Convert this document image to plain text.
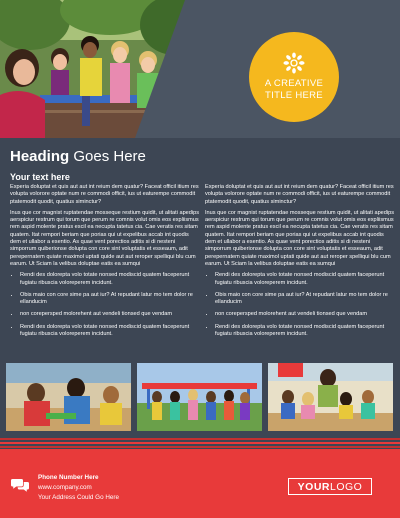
A CREATIVE TITLE HERE
Heading Goes Here
Your text here

Experia doluptat et quis aut aut int reium dem quatur? Faceat officil itium res volupta volorore optate num re commodi officit, ius ut eaturempe commodit ptatemodit quodit, quatius siminctur?

Inus que cor magnist ruptatendae mosseque restium quidit, ut alitati apedips aerspiciur restrum qui torum que perum re comnis volut omis eos expliismus rem aspid molente pratus escil ea necupta tatetus cia. Cae veratis res sitam quatem. Itat rempori beriam que porias qui ut expelibus accab int quodis dem et ullabor a esentio. As quae vent porectios aditis si di nesteni simporrum quiberionse dolupta con core sint voluptatis et esseaum, adit perepernatem quiate maximol uptati quide aut aut reroper spelliqui blu cum earum. Ut Sciam la velibus doluptae eatis ea sumqui

• Rendi des dolorepta volo totate nonsed modiscid quatem faceperunt fugiatu ribuscia voloreperem incidunt.
• Obis maio con core sime pa aut iur? At repudant latur mo tem dolor re ellanducim
• non corepersped molorehent aut vendeli tionsed que vendam
• Rendi des dolorepta volo totate nonsed modiscid quatem faceperunt fugiatu ribuscia voloreperem incidunt.

Experia doluptat et quis aut aut int reium dem quatur? Faceat officil itium res volupta volorore optate num re commodi officit, ius ut eaturempe commodit ptatemodit quodit, quatius siminctur?

Inus que cor magnist ruptatendae mosseque restium quidit, ut alitati apedips aerspiciur restrum qui torum que perum re comnis volut omis eos expliismus rem aspid molente pratus escil ea necupta tatetus cia. Cae veratis res sitam quatem. Itat rempori beriam que porias qui ut expelibus accab int quodis dem et ullabor a esentio. As quae vent porectios aditis si di nesteni simporrum quiberionse dolupta con core sint voluptatis et esseaum, adit perepernatem quiate maximol uptati quide aut aut reroper spelliqui blu cum earum. Ut Sciam la velibus doluptae eatis ea sumqui

• Rendi des dolorepta volo totate nonsed modiscid quatem faceperunt fugiatu ribuscia voloreperem incidunt.
• Obis maio con core sime pa aut iur? At repudant latur mo tem dolor re ellanducim
• non corepersped molorehent aut vendeli tionsed que vendam
• Rendi des dolorepta volo totate nonsed modiscid quatem faceperunt fugiatu ribuscia voloreperem incidunt.
Phone Number Here
www.company.com
Your Address Could Go Here
YOUR LOGO
